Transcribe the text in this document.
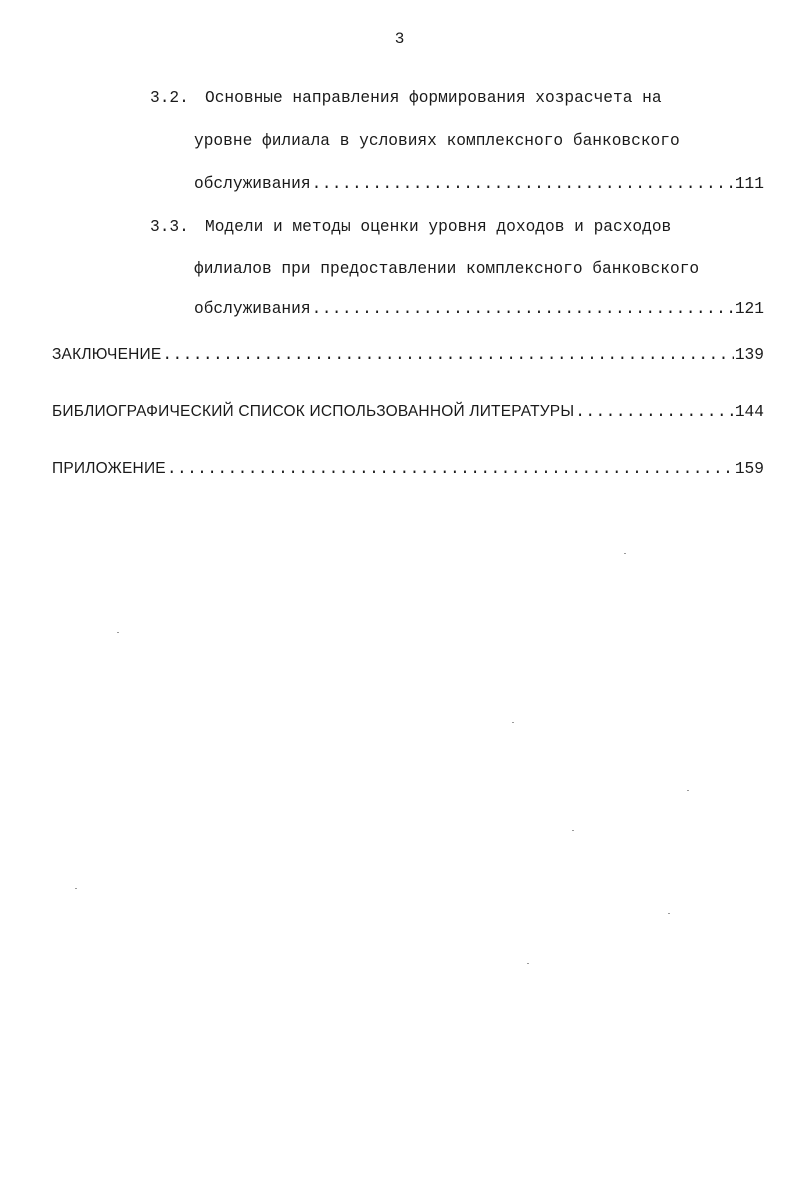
3
3.2. Основные направления формирования хозрасчета на
уровне филиала в условиях комплексного банковского
обслуживания .....	111
3.3. Модели и методы оценки уровня доходов и расходов
филиалов при предоставлении комплексного банковского
обслуживания .....	121
ЗАКЛЮЧЕНИЕ .....	139
БИБЛИОГРАФИЧЕСКИЙ СПИСОК ИСПОЛЬЗОВАННОЙ ЛИТЕРАТУРЫ .....	144
ПРИЛОЖЕНИЕ .....	159
